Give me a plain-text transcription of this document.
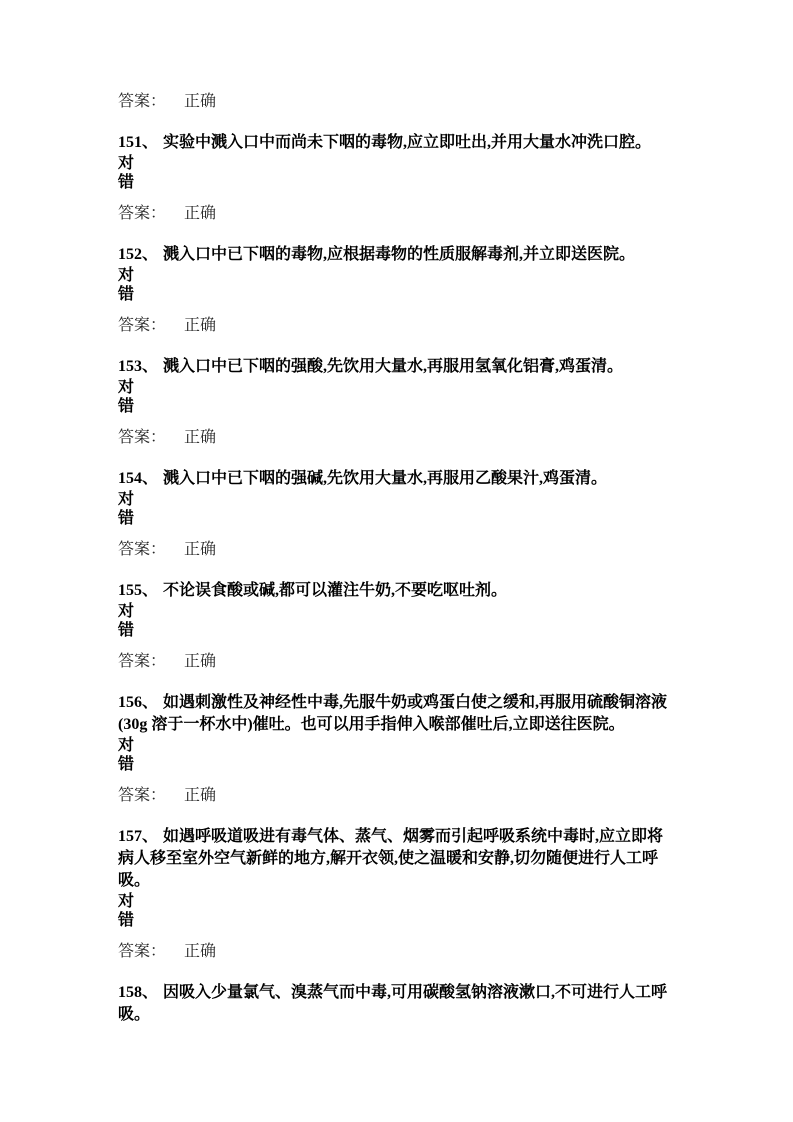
答案： 正确

151、 实验中溅入口中而尚未下咽的毒物,应立即吐出,并用大量水冲洗口腔。

对
错

答案： 正确

152、 溅入口中已下咽的毒物,应根据毒物的性质服解毒剂,并立即送医院。

对
错

答案： 正确

153、 溅入口中已下咽的强酸,先饮用大量水,再服用氢氧化铝膏,鸡蛋清。

对
错

答案： 正确

154、 溅入口中已下咽的强碱,先饮用大量水,再服用乙酸果汁,鸡蛋清。

对
错

答案： 正确

155、 不论误食酸或碱,都可以灌注牛奶,不要吃呕吐剂。

对
错

答案： 正确

156、 如遇刺激性及神经性中毒,先服牛奶或鸡蛋白使之缓和,再服用硫酸铜溶液(30g 溶于一杯水中)催吐。也可以用手指伸入喉部催吐后,立即送往医院。

对
错

答案： 正确

157、 如遇呼吸道吸进有毒气体、蒸气、烟雾而引起呼吸系统中毒时,应立即将病人移至室外空气新鲜的地方,解开衣领,使之温暖和安静,切勿随便进行人工呼吸。

对
错

答案： 正确

158、 因吸入少量氯气、溴蒸气而中毒,可用碳酸氢钠溶液漱口,不可进行人工呼吸。
